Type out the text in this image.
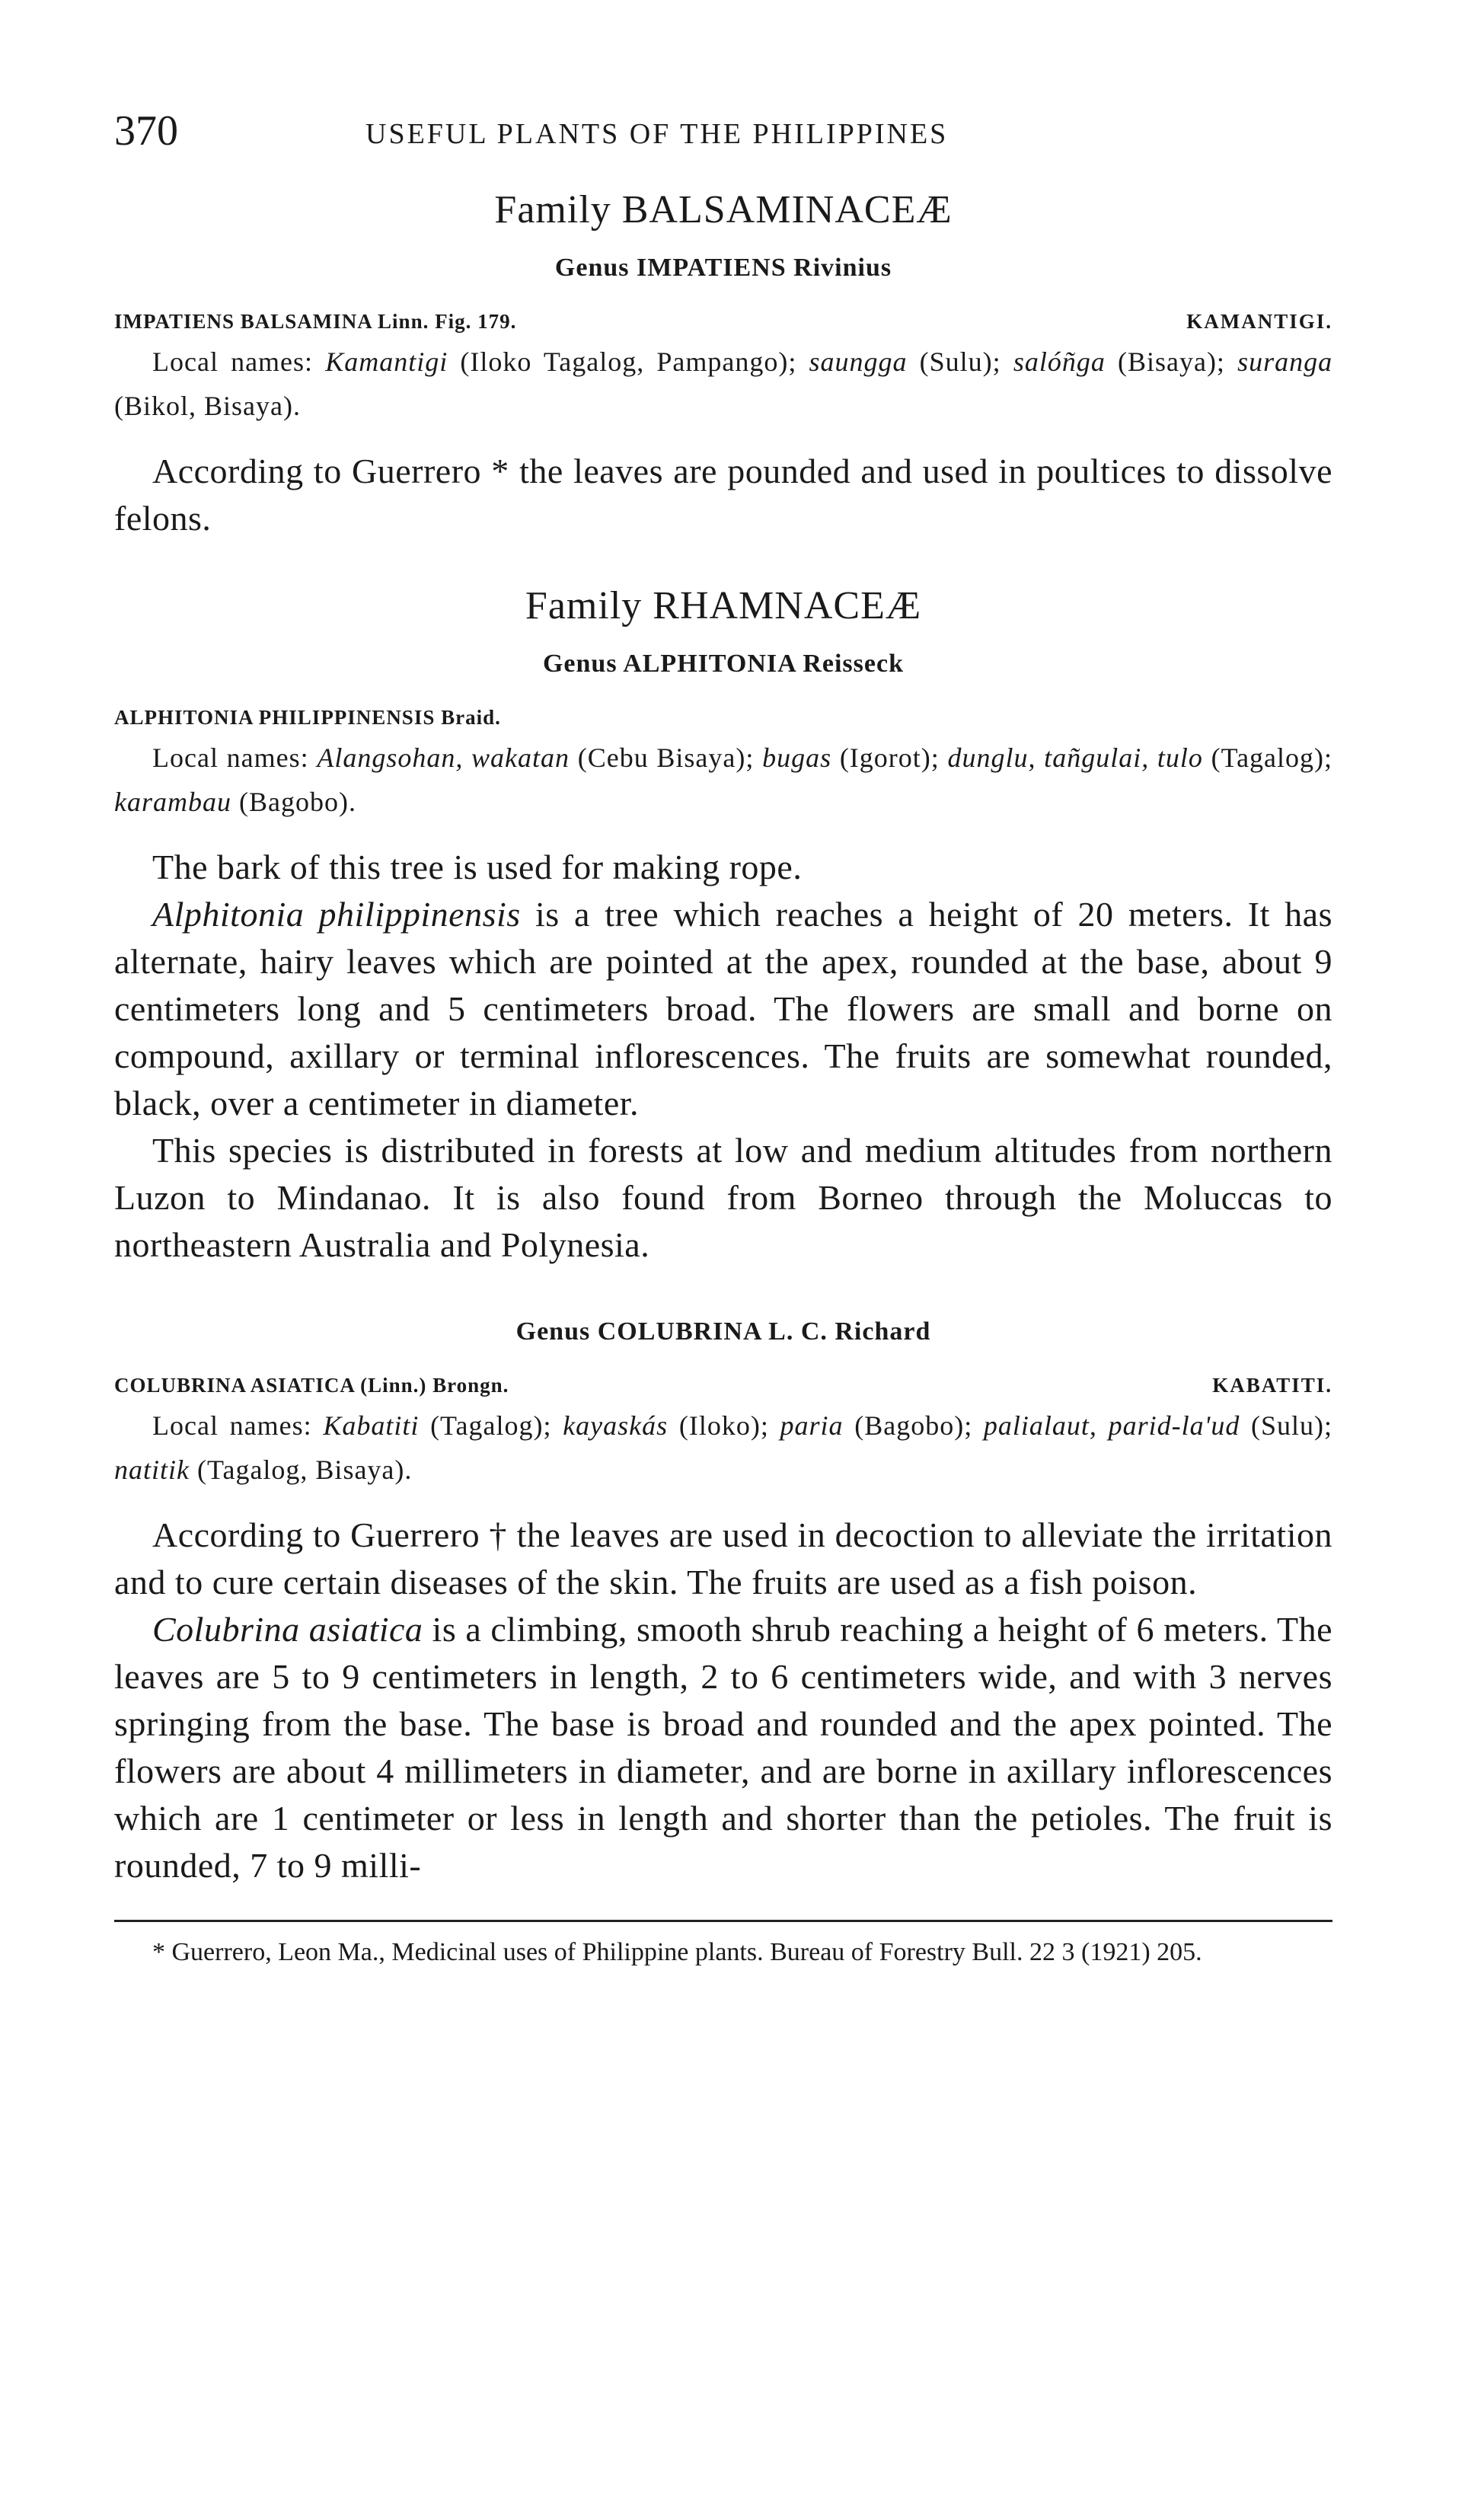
370	USEFUL PLANTS OF THE PHILIPPINES
Family BALSAMINACEÆ
Genus IMPATIENS Rivinius
IMPATIENS BALSAMINA Linn. Fig. 179.	KAMANTIGI.

Local names: Kamantigi (Iloko Tagalog, Pampango); saungga (Sulu); salóñga (Bisaya); suranga (Bikol, Bisaya).

According to Guerrero * the leaves are pounded and used in poultices to dissolve felons.

Family RHAMNACEÆ
Genus ALPHITONIA Reisseck
ALPHITONIA PHILIPPINENSIS Braid.

Local names: Alangsohan, wakatan (Cebu Bisaya); bugas (Igorot); dunglu, tañgulai, tulo (Tagalog); karambau (Bagobo).

The bark of this tree is used for making rope.

Alphitonia philippinensis is a tree which reaches a height of 20 meters. It has alternate, hairy leaves which are pointed at the apex, rounded at the base, about 9 centimeters long and 5 centimeters broad. The flowers are small and borne on compound, axillary or terminal inflorescences. The fruits are somewhat rounded, black, over a centimeter in diameter.

This species is distributed in forests at low and medium altitudes from northern Luzon to Mindanao. It is also found from Borneo through the Moluccas to northeastern Australia and Polynesia.

Genus COLUBRINA L. C. Richard
COLUBRINA ASIATICA (Linn.) Brongn.	KABATITI.

Local names: Kabatiti (Tagalog); kayaskás (Iloko); paria (Bagobo); palialaut, parid-la'ud (Sulu); natitik (Tagalog, Bisaya).

According to Guerrero † the leaves are used in decoction to alleviate the irritation and to cure certain diseases of the skin. The fruits are used as a fish poison.

Colubrina asiatica is a climbing, smooth shrub reaching a height of 6 meters. The leaves are 5 to 9 centimeters in length, 2 to 6 centimeters wide, and with 3 nerves springing from the base. The base is broad and rounded and the apex pointed. The flowers are about 4 millimeters in diameter, and are borne in axillary inflorescences which are 1 centimeter or less in length and shorter than the petioles. The fruit is rounded, 7 to 9 milli-

* Guerrero, Leon Ma., Medicinal uses of Philippine plants. Bureau of Forestry Bull. 22 3 (1921) 205.
